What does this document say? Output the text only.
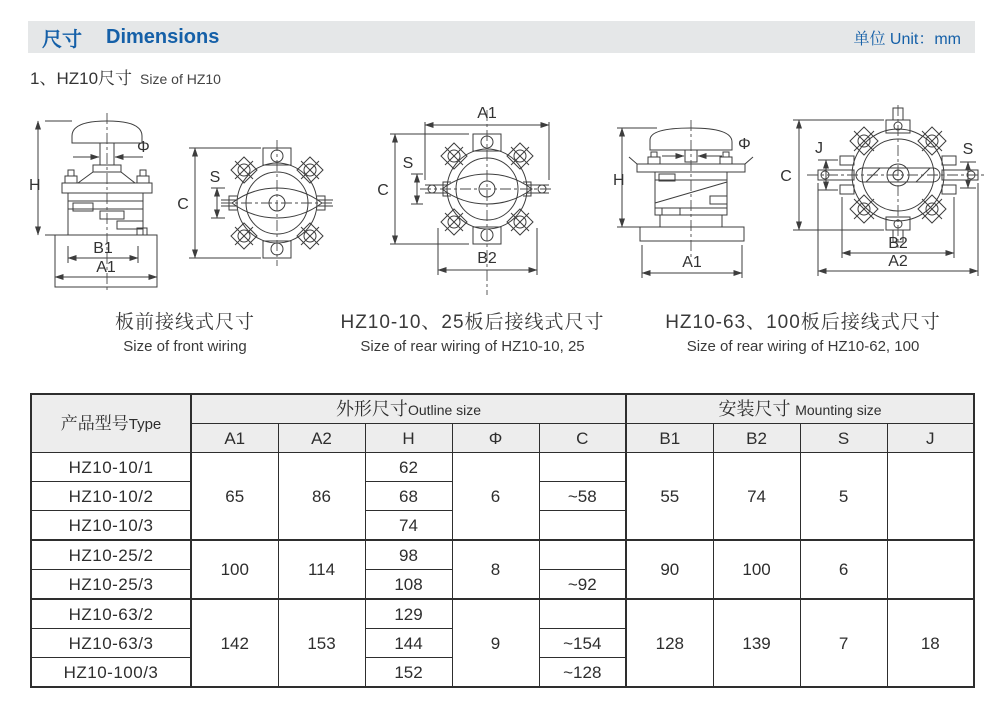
尺寸 Dimensions	单位 Unit：mm
1、HZ10尺寸 Size of HZ10
H
Φ
B1
A1
S
C
A1
B2
C
S
H
Φ
A1
C
J	S
B2
A2
板前接线式尺寸
Size of front wiring
HZ10-10、25板后接线式尺寸
Size of rear wiring of HZ10-10, 25
HZ10-63、100板后接线式尺寸
Size of rear wiring of HZ10-62, 100
产品型号Type	外形尺寸Outline size					安装尺寸 Mounting size			
	A1	A2	H	Φ	C	B1	B2	S	J
HZ10-10/1	65	86	62	6		55	74	5	
HZ10-10/2			68		~58				
HZ10-10/3			74						
HZ10-25/2	100	114	98	8		90	100	6	
HZ10-25/3			108		~92				
HZ10-63/2	142	153	129	9		128	139	7	18
HZ10-63/3			144		~154				
HZ10-100/3			152		~128				
